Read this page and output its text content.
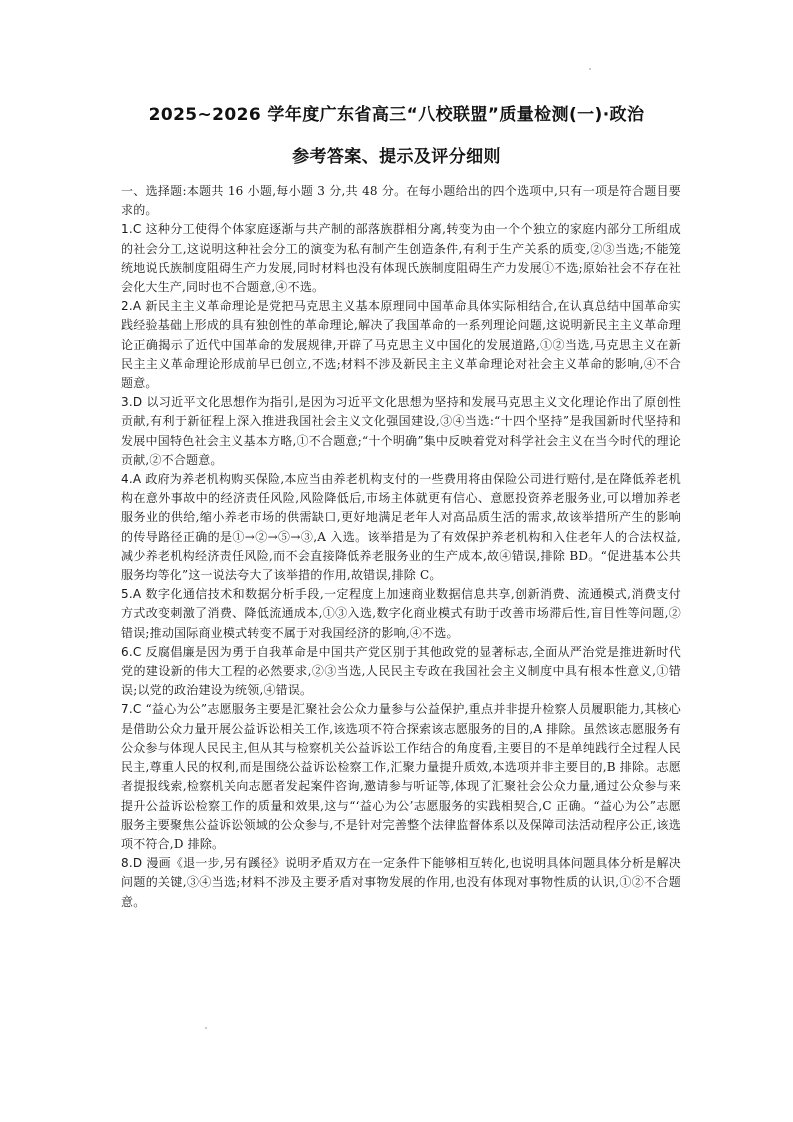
2025~2026 学年度广东省高三“八校联盟”质量检测(一)·政治
参考答案、提示及评分细则

一、选择题:本题共 16 小题,每小题 3 分,共 48 分。在每小题给出的四个选项中,只有一项是符合题目要求的。

1.C 这种分工使得个体家庭逐渐与共产制的部落族群相分离,转变为由一个个独立的家庭内部分工所组成的社会分工,这说明这种社会分工的演变为私有制产生创造条件,有利于生产关系的质变,②③当选;不能笼统地说氏族制度阻碍生产力发展,同时材料也没有体现氏族制度阻碍生产力发展①不选;原始社会不存在社会化大生产,同时也不合题意,④不选。

2.A 新民主主义革命理论是党把马克思主义基本原理同中国革命具体实际相结合,在认真总结中国革命实践经验基础上形成的具有独创性的革命理论,解决了我国革命的一系列理论问题,这说明新民主主义革命理论正确揭示了近代中国革命的发展规律,开辟了马克思主义中国化的发展道路,①②当选,马克思主义在新民主主义革命理论形成前早已创立,不选;材料不涉及新民主主义革命理论对社会主义革命的影响,④不合题意。

3.D 以习近平文化思想作为指引,是因为习近平文化思想为坚持和发展马克思主义文化理论作出了原创性贡献,有利于新征程上深入推进我国社会主义文化强国建设,③④当选:“十四个坚持”是我国新时代坚持和发展中国特色社会主义基本方略,①不合题意;“十个明确”集中反映着党对科学社会主义在当今时代的理论贡献,②不合题意。

4.A 政府为养老机构购买保险,本应当由养老机构支付的一些费用将由保险公司进行赔付,是在降低养老机构在意外事故中的经济责任风险,风险降低后,市场主体就更有信心、意愿投资养老服务业,可以增加养老服务业的供给,缩小养老市场的供需缺口,更好地满足老年人对高品质生活的需求,故该举措所产生的影响的传导路径正确的是①→②→⑤→③,A 入选。该举措是为了有效保护养老机构和入住老年人的合法权益,减少养老机构经济责任风险,而不会直接降低养老服务业的生产成本,故④错误,排除 BD。“促进基本公共服务均等化”这一说法夸大了该举措的作用,故错误,排除 C。

5.A 数字化通信技术和数据分析手段,一定程度上加速商业数据信息共享,创新消费、流通模式,消费支付方式改变刺激了消费、降低流通成本,①③入选,数字化商业模式有助于改善市场滞后性,盲目性等问题,②错误;推动国际商业模式转变不属于对我国经济的影响,④不选。

6.C 反腐倡廉是因为勇于自我革命是中国共产党区别于其他政党的显著标志,全面从严治党是推进新时代党的建设新的伟大工程的必然要求,②③当选,人民民主专政在我国社会主义制度中具有根本性意义,①错误;以党的政治建设为统领,④错误。

7.C “益心为公”志愿服务主要是汇聚社会公众力量参与公益保护,重点并非提升检察人员履职能力,其核心是借助公众力量开展公益诉讼相关工作,该选项不符合探索该志愿服务的目的,A 排除。虽然该志愿服务有公众参与体现人民民主,但从其与检察机关公益诉讼工作结合的角度看,主要目的不是单纯践行全过程人民民主,尊重人民的权利,而是围绕公益诉讼检察工作,汇聚力量提升质效,本选项并非主要目的,B 排除。志愿者提报线索,检察机关向志愿者发起案件咨询,邀请参与听证等,体现了汇聚社会公众力量,通过公众参与来提升公益诉讼检察工作的质量和效果,这与“‘益心为公’志愿服务的实践相契合,C 正确。“益心为公”志愿服务主要聚焦公益诉讼领域的公众参与,不是针对完善整个法律监督体系以及保障司法活动程序公正,该选项不符合,D 排除。

8.D 漫画《退一步,另有蹊径》说明矛盾双方在一定条件下能够相互转化,也说明具体问题具体分析是解决问题的关键,③④当选;材料不涉及主要矛盾对事物发展的作用,也没有体现对事物性质的认识,①②不合题意。
